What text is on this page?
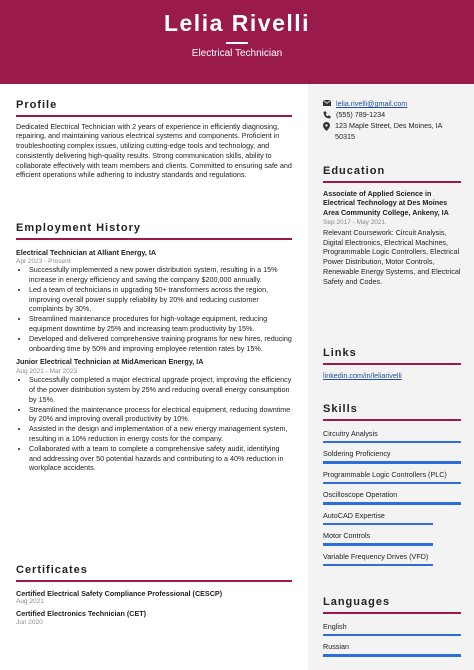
Lelia Rivelli
Electrical Technician
Profile
Dedicated Electrical Technician with 2 years of experience in efficiently diagnosing, repairing, and maintaining various electrical systems and components. Proficient in troubleshooting complex issues, utilizing cutting-edge tools and technology, and consistently delivering high-quality results. Strong communication skills, ability to collaborate effectively with team members and clients. Committed to ensuring safe and efficient operations while adhering to industry standards and regulations.
Employment History
Electrical Technician at Alliant Energy, IA
Apr 2023 - Present
• Successfully implemented a new power distribution system, resulting in a 15% increase in energy efficiency and saving the company $200,000 annually.
• Led a team of technicians in upgrading 50+ transformers across the region, improving overall power supply reliability by 20% and reducing customer complaints by 30%.
• Streamlined maintenance procedures for high-voltage equipment, reducing equipment downtime by 25% and increasing team productivity by 15%.
• Developed and delivered comprehensive training programs for new hires, reducing onboarding time by 50% and improving employee retention rates by 15%.
Junior Electrical Technician at MidAmerican Energy, IA
Aug 2021 - Mar 2023
• Successfully completed a major electrical upgrade project, improving the efficiency of the power distribution system by 25% and reducing overall energy consumption by 15%.
• Streamlined the maintenance process for electrical equipment, reducing downtime by 20% and improving overall productivity by 10%.
• Assisted in the design and implementation of a new energy management system, resulting in a 10% reduction in energy costs for the company.
• Collaborated with a team to complete a comprehensive safety audit, identifying and addressing over 50 potential hazards and contributing to a 40% reduction in workplace accidents.
Certificates
Certified Electrical Safety Compliance Professional (CESCP)
Aug 2021
Certified Electronics Technician (CET)
Jun 2020
lelia.rivelli@gmail.com
(555) 789-1234
123 Maple Street, Des Moines, IA 50315
Education
Associate of Applied Science in Electrical Technology at Des Moines Area Community College, Ankeny, IA
Sep 2017 - May 2021
Relevant Coursework: Circuit Analysis, Digital Electronics, Electrical Machines, Programmable Logic Controllers, Electrical Power Distribution, Motor Controls, Renewable Energy Systems, and Electrical Safety and Codes.
Links
linkedin.com/in/leliarivelli
Skills
Circuitry Analysis
Soldering Proficiency
Programmable Logic Controllers (PLC)
Oscilloscope Operation
AutoCAD Expertise
Motor Controls
Variable Frequency Drives (VFD)
Languages
English
Russian
